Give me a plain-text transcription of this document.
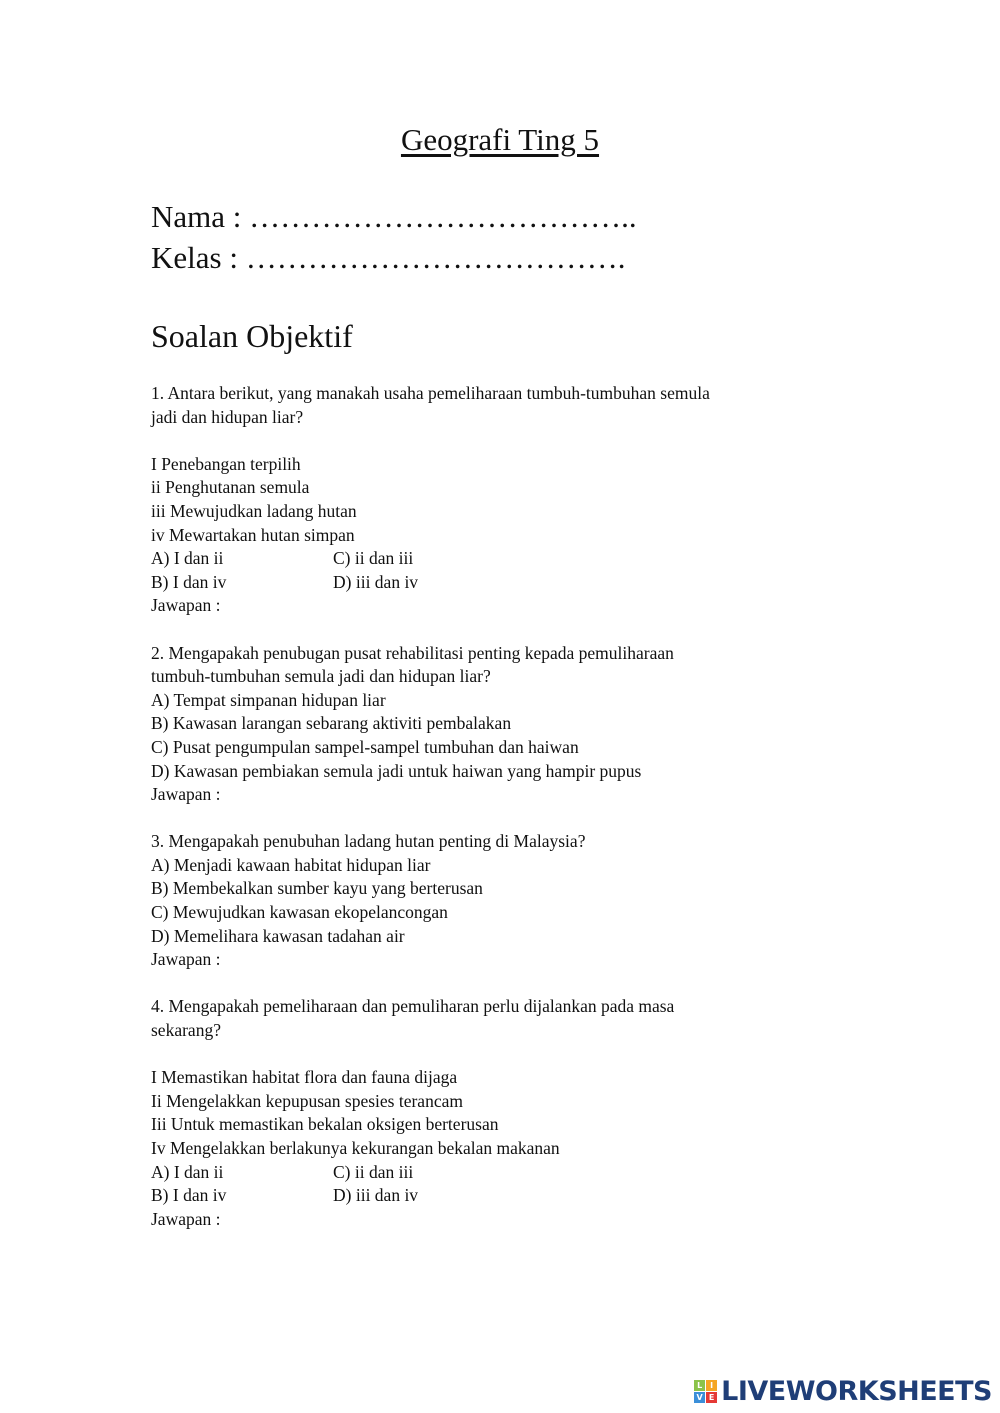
Geografi Ting 5
Nama : ………………………………..
Kelas : ……………………………….
Soalan Objektif
1. Antara berikut, yang manakah usaha pemeliharaan tumbuh-tumbuhan semula
jadi dan hidupan liar?
I Penebangan terpilih
ii Penghutanan semula
iii Mewujudkan ladang hutan
iv Mewartakan hutan simpan
A) I dan ii	C) ii dan iii
B) I dan iv	D) iii dan iv
Jawapan :
2. Mengapakah penubugan pusat rehabilitasi penting kepada pemuliharaan
tumbuh-tumbuhan semula jadi dan hidupan liar?
A) Tempat simpanan hidupan liar
B) Kawasan larangan sebarang aktiviti pembalakan
C) Pusat pengumpulan sampel-sampel tumbuhan dan haiwan
D) Kawasan pembiakan semula jadi untuk haiwan yang hampir pupus
Jawapan :
3. Mengapakah penubuhan ladang hutan penting di Malaysia?
A) Menjadi kawaan habitat hidupan liar
B) Membekalkan sumber kayu yang berterusan
C) Mewujudkan kawasan ekopelancongan
D) Memelihara kawasan tadahan air
Jawapan :
4. Mengapakah pemeliharaan dan pemuliharan perlu dijalankan pada masa
sekarang?
I Memastikan habitat flora dan fauna dijaga
Ii Mengelakkan kepupusan spesies terancam
Iii Untuk memastikan bekalan oksigen berterusan
Iv Mengelakkan berlakunya kekurangan bekalan makanan
A) I dan ii	C) ii dan iii
B) I dan iv	D) iii dan iv
Jawapan :
L I
V E LIVEWORKSHEETS
